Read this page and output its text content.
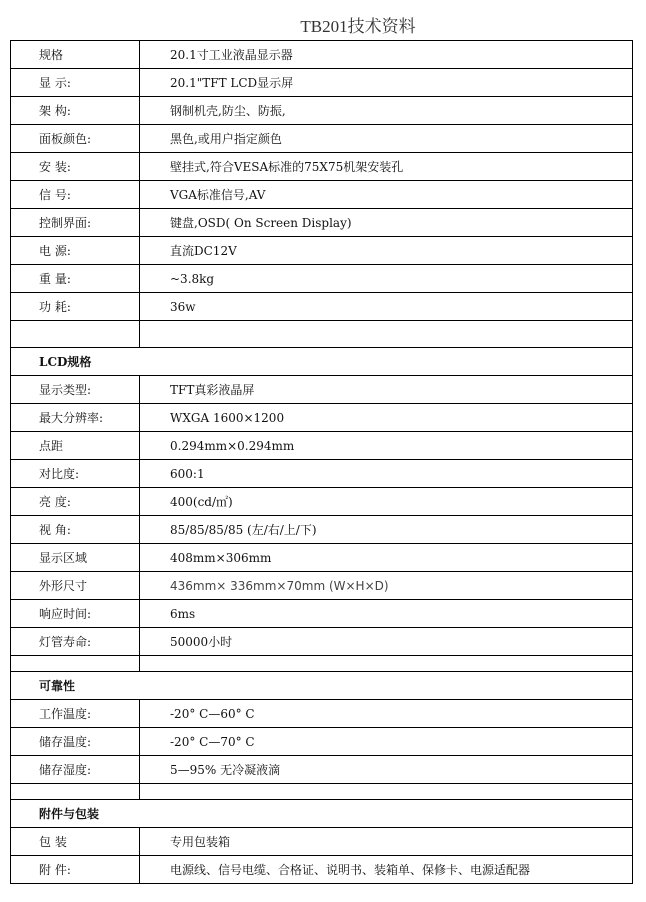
TB201技术资料
规格	20.1寸工业液晶显示器
显 示:	20.1"TFT LCD显示屏
架 构:	钢制机壳,防尘、防振,
面板颜色:	黑色,或用户指定颜色
安 装:	壁挂式,符合VESA标准的75X75机架安装孔
信 号:	VGA标准信号,AV
控制界面:	键盘,OSD( On Screen Display)
电 源:	直流DC12V
重 量:	~3.8kg
功 耗:	36w

LCD规格	
显示类型:	TFT真彩液晶屏
最大分辨率:	WXGA 1600×1200
点距	0.294mm×0.294mm
对比度:	600:1
亮 度:	400(cd/㎡)
视 角:	85/85/85/85 (左/右/上/下)
显示区域	408mm×306mm
外形尺寸	436mm× 336mm×70mm (W×H×D)
响应时间:	6ms
灯管寿命:	50000小时

可靠性	
工作温度:	-20° C—60° C
储存温度:	-20° C—70° C
储存湿度:	5—95% 无冷凝液滴

附件与包装	
包 装	专用包装箱
附 件:	电源线、信号电缆、合格证、说明书、装箱单、保修卡、电源适配器
